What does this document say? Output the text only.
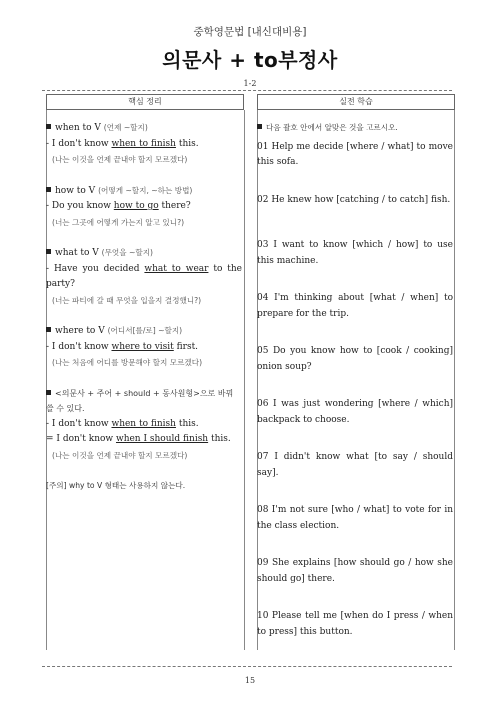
중학영문법 [내신대비용]
의문사 + to부정사
1-2
핵심 정리	실전 학습
when to V (언제 ~할지)
- I don't know when to finish this.
(나는 이것을 언제 끝내야 할지 모르겠다)
how to V (어떻게 ~할지, ~하는 방법)
- Do you know how to go there?
(너는 그곳에 어떻게 가는지 알고 있니?)
what to V (무엇을 ~할지)
- Have you decided what to wear to the party?
(너는 파티에 갈 때 무엇을 입을지 결정했니?)
where to V (어디서[를/로] ~할지)
- I don't know where to visit first.
(나는 처음에 어디를 방문해야 할지 모르겠다)
<의문사 + 주어 + should + 동사원형>으로 바꿔 쓸 수 있다.
- I don't know when to finish this.
= I don't know when I should finish this.
(나는 이것을 언제 끝내야 할지 모르겠다)
[주의] why to V 형태는 사용하지 않는다.
다음 괄호 안에서 알맞은 것을 고르시오.
01 Help me decide [where / what] to move this sofa.
02 He knew how [catching / to catch] fish.
03 I want to know [which / how] to use this machine.
04 I'm thinking about [what / when] to prepare for the trip.
05 Do you know how to [cook / cooking] onion soup?
06 I was just wondering [where / which] backpack to choose.
07 I didn't know what [to say / should say].
08 I'm not sure [who / what] to vote for in the class election.
09 She explains [how should go / how she should go] there.
10 Please tell me [when do I press / when to press] this button.
15
